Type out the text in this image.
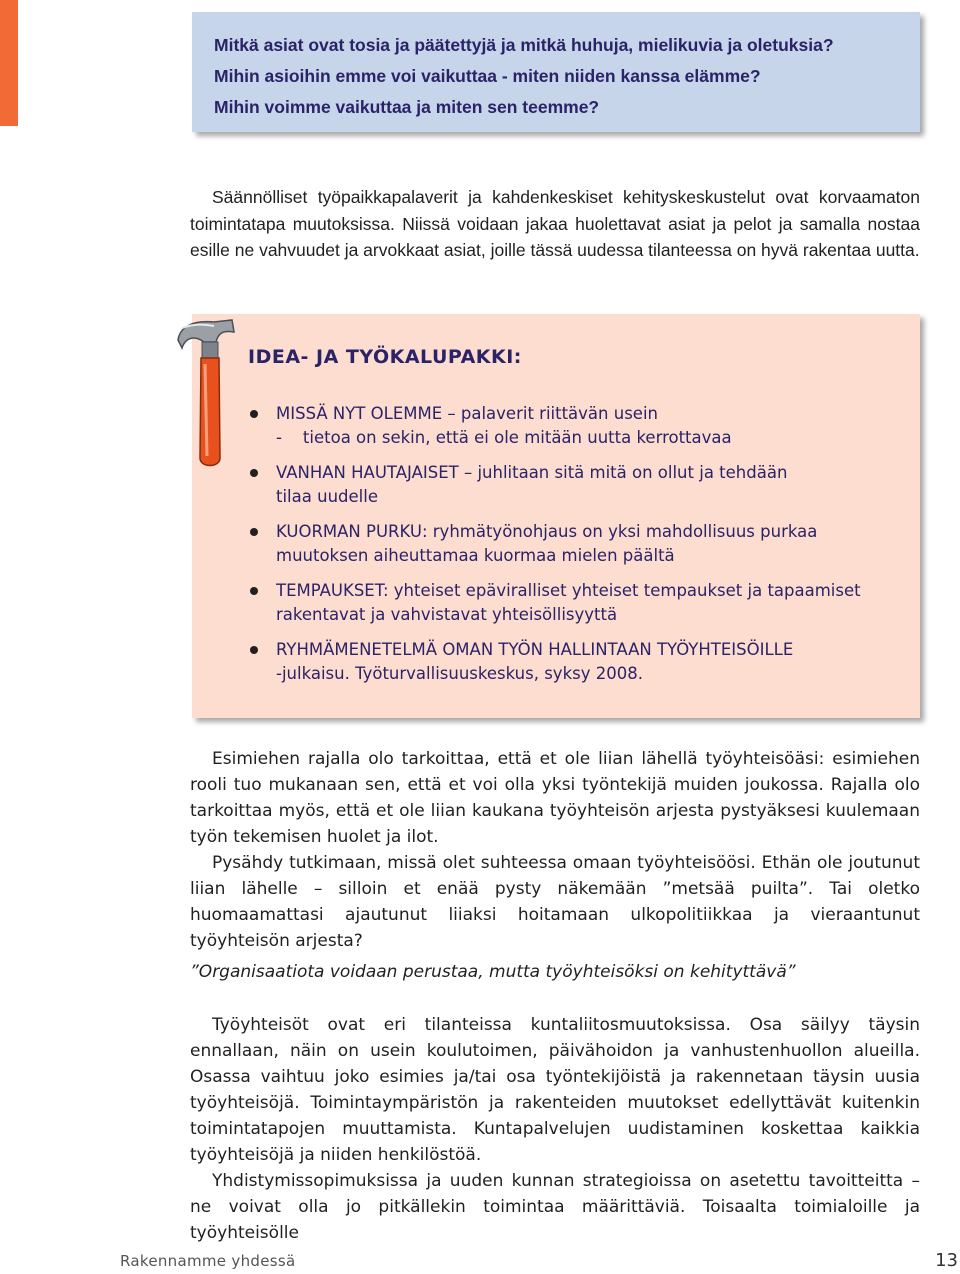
Mitkä asiat ovat tosia ja päätettyjä ja mitkä huhuja, mielikuvia ja oletuksia?

Mihin asioihin emme voi vaikuttaa - miten niiden kanssa elämme?

Mihin voimme vaikuttaa ja miten sen teemme?

Säännölliset työpaikkapalaverit ja kahdenkeskiset kehityskeskustelut ovat korvaamaton toimintatapa muutoksissa. Niissä voidaan jakaa huolettavat asiat ja pelot ja samalla nostaa esille ne vahvuudet ja arvokkaat asiat, joille tässä uudessa tilanteessa on hyvä rakentaa uutta.

IDEA- JA TYÖKALUPAKKI:
MISSÄ NYT OLEMME – palaverit riittävän usein
-    tietoa on sekin, että ei ole mitään uutta kerrottavaa
VANHAN HAUTAJAISET – juhlitaan sitä mitä on ollut ja tehdään
tilaa uudelle
KUORMAN PURKU: ryhmätyönohjaus on yksi mahdollisuus purkaa
muutoksen aiheuttamaa kuormaa mielen päältä
TEMPAUKSET: yhteiset epäviralliset yhteiset tempaukset ja tapaamiset
rakentavat ja vahvistavat yhteisöllisyyttä
RYHMÄMENETELMÄ OMAN TYÖN HALLINTAAN TYÖYHTEISÖILLE
-julkaisu. Työturvallisuuskeskus, syksy 2008.
Esimiehen rajalla olo tarkoittaa, että et ole liian lähellä työyhteisöäsi: esimiehen rooli tuo mukanaan sen, että et voi olla yksi työntekijä muiden joukossa. Rajalla olo tarkoittaa myös, että et ole liian kaukana työyhteisön arjesta pystyäksesi kuulemaan työn tekemisen huolet ja ilot.
Pysähdy tutkimaan, missä olet suhteessa omaan työyhteisöösi. Ethän ole joutunut liian lähelle – silloin et enää pysty näkemään ”metsää puilta”. Tai oletko huomaamattasi ajautunut liiaksi hoitamaan ulkopolitiikkaa ja vieraantunut työyhteisön arjesta?

”Organisaatiota voidaan perustaa, mutta työyhteisöksi on kehityttävä”

Työyhteisöt ovat eri tilanteissa kuntaliitosmuutoksissa. Osa säilyy täysin ennallaan, näin on usein koulutoimen, päivähoidon ja vanhustenhuollon alueilla. Osassa vaihtuu joko esimies ja/tai osa työntekijöistä ja rakennetaan täysin uusia työyhteisöjä. Toimintaympäristön ja rakenteiden muutokset edellyttävät kuitenkin toimintatapojen muuttamista. Kuntapalvelujen uudistaminen koskettaa kaikkia työyhteisöjä ja niiden henkilöstöä.
Yhdistymissopimuksissa ja uuden kunnan strategioissa on asetettu tavoitteitta – ne voivat olla jo pitkällekin toimintaa määrittäviä. Toisaalta toimialoille ja työyhteisölle
Rakennamme yhdessä	13
